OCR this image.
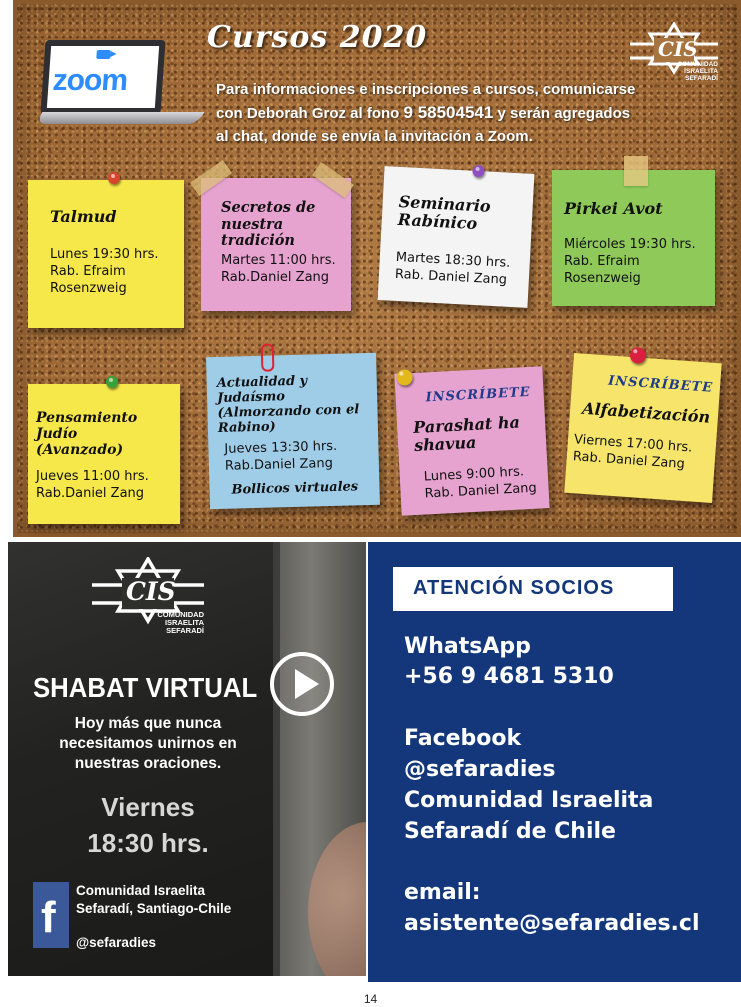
zoom
Cursos 2020	CIS
COMUNIDAD
ISRAELITA
SEFARADÍ

Para informaciones e inscripciones a cursos, comunicarse
con Deborah Groz al fono 9 58504541 y serán agregados
al chat, donde se envía la invitación a Zoom.

Talmud

Lunes 19:30 hrs.
Rab. Efraim
Rosenzweig

Secretos de
nuestra tradición

Martes 11:00 hrs.
Rab.Daniel Zang

Seminario
Rabínico

Martes 18:30 hrs.
Rab. Daniel Zang

Pirkei Avot

Miércoles 19:30 hrs.
Rab. Efraim
Rosenzweig

Pensamiento Judío
(Avanzado)

Jueves 11:00 hrs.
Rab.Daniel Zang

Actualidad y Judaísmo
(Almorzando con el
Rabino)

Jueves 13:30 hrs.
Rab.Daniel Zang

Bollicos virtuales

INSCRÍBETE

Parashat ha
shavua

Lunes 9:00 hrs.
Rab. Daniel Zang

INSCRÍBETE

Alfabetización

Viernes 17:00 hrs.
Rab. Daniel Zang

CIS
COMUNIDAD
ISRAELITA
SEFARADÍ
SHABAT VIRTUAL

Hoy más que nunca
necesitamos unirnos en
nuestras oraciones.

Viernes

18:30 hrs.

f

Comunidad Israelita
Sefaradí, Santiago-Chile

@sefaradies

ATENCIÓN SOCIOS

WhatsApp

+56 9 4681 5310

Facebook

@sefaradies

Comunidad Israelita

Sefaradí de Chile

email:

asistente@sefaradies.cl

14
